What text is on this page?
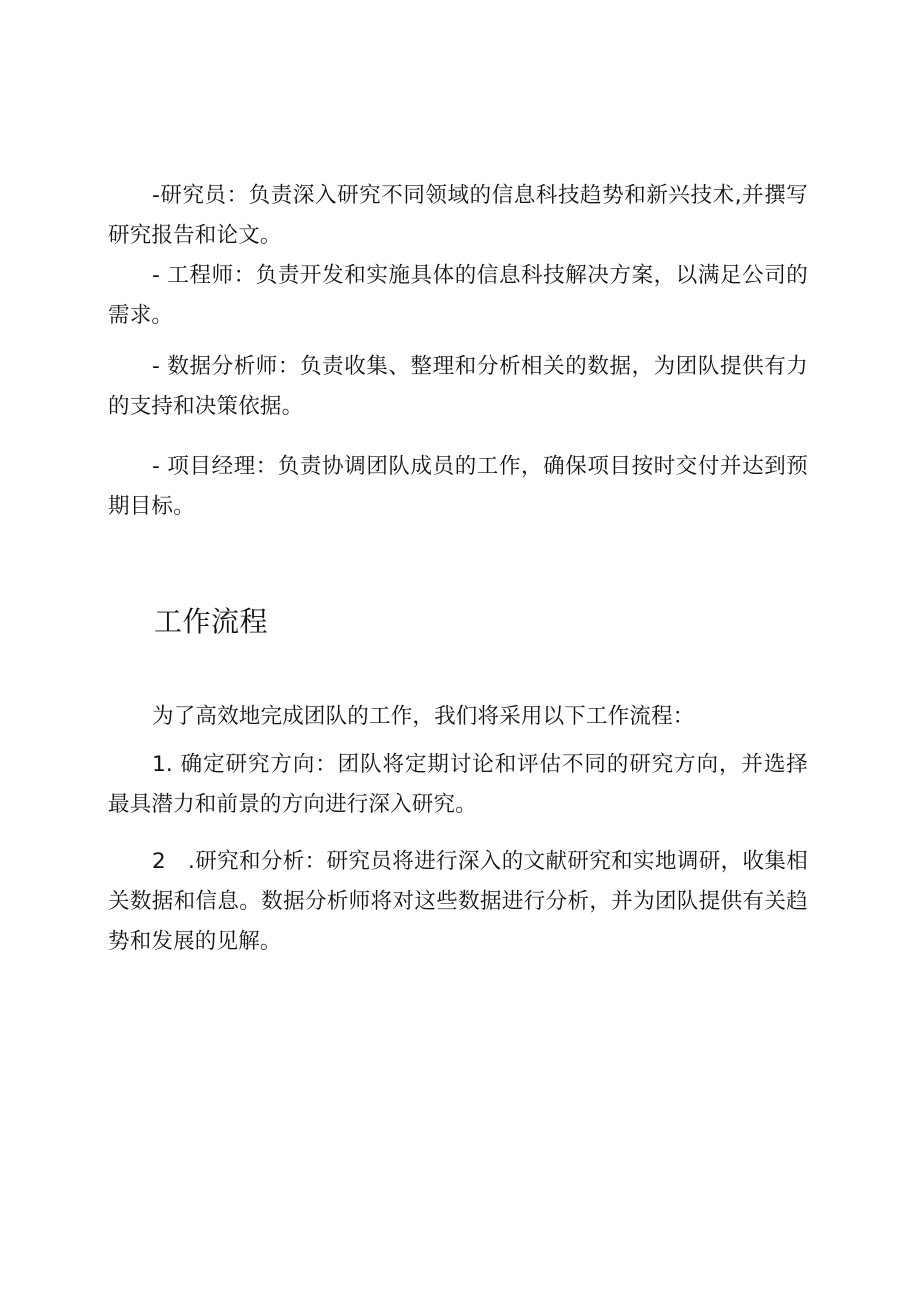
-研究员：负责深入研究不同领域的信息科技趋势和新兴技术,并撰写研究报告和论文。

- 工程师：负责开发和实施具体的信息科技解决方案，以满足公司的需求。

- 数据分析师：负责收集、整理和分析相关的数据，为团队提供有力的支持和决策依据。

- 项目经理：负责协调团队成员的工作，确保项目按时交付并达到预期目标。

工作流程

为了高效地完成团队的工作，我们将采用以下工作流程：

1. 确定研究方向：团队将定期讨论和评估不同的研究方向，并选择最具潜力和前景的方向进行深入研究。

2　.研究和分析：研究员将进行深入的文献研究和实地调研，收集相关数据和信息。数据分析师将对这些数据进行分析，并为团队提供有关趋势和发展的见解。
